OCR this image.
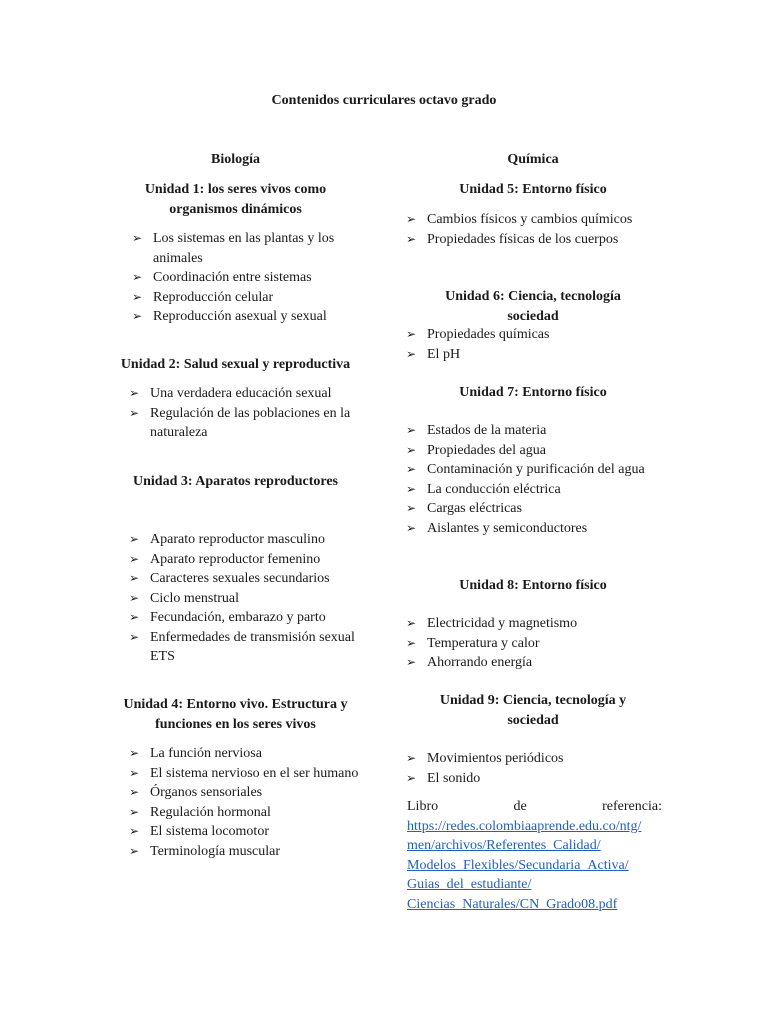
Contenidos curriculares octavo grado
Biología
Unidad 1: los seres vivos como
organismos dinámicos
➢ Los sistemas en las plantas y los animales
➢ Coordinación entre sistemas
➢ Reproducción celular
➢ Reproducción asexual y sexual
Unidad 2: Salud sexual y reproductiva
➢ Una verdadera educación sexual
➢ Regulación de las poblaciones en la naturaleza
Unidad 3: Aparatos reproductores
➢ Aparato reproductor masculino
➢ Aparato reproductor femenino
➢ Caracteres sexuales secundarios
➢ Ciclo menstrual
➢ Fecundación, embarazo y parto
➢ Enfermedades de transmisión sexual ETS
Unidad 4: Entorno vivo. Estructura y
funciones en los seres vivos
➢ La función nerviosa
➢ El sistema nervioso en el ser humano
➢ Órganos sensoriales
➢ Regulación hormonal
➢ El sistema locomotor
➢ Terminología muscular
Química
Unidad 5: Entorno físico
➢ Cambios físicos y cambios químicos
➢ Propiedades físicas de los cuerpos
Unidad 6: Ciencia, tecnología
sociedad
➢ Propiedades químicas
➢ El pH
Unidad 7: Entorno físico
➢ Estados de la materia
➢ Propiedades del agua
➢ Contaminación y purificación del agua
➢ La conducción eléctrica
➢ Cargas eléctricas
➢ Aislantes y semiconductores
Unidad 8: Entorno físico
➢ Electricidad y magnetismo
➢ Temperatura y calor
➢ Ahorrando energía
Unidad 9: Ciencia, tecnología y
sociedad
➢ Movimientos periódicos
➢ El sonido
Libro	de	referencia:
https://redes.colombiaaprende.edu.co/ntg/
men/archivos/Referentes_Calidad/
Modelos_Flexibles/Secundaria_Activa/
Guias_del_estudiante/
Ciencias_Naturales/CN_Grado08.pdf
